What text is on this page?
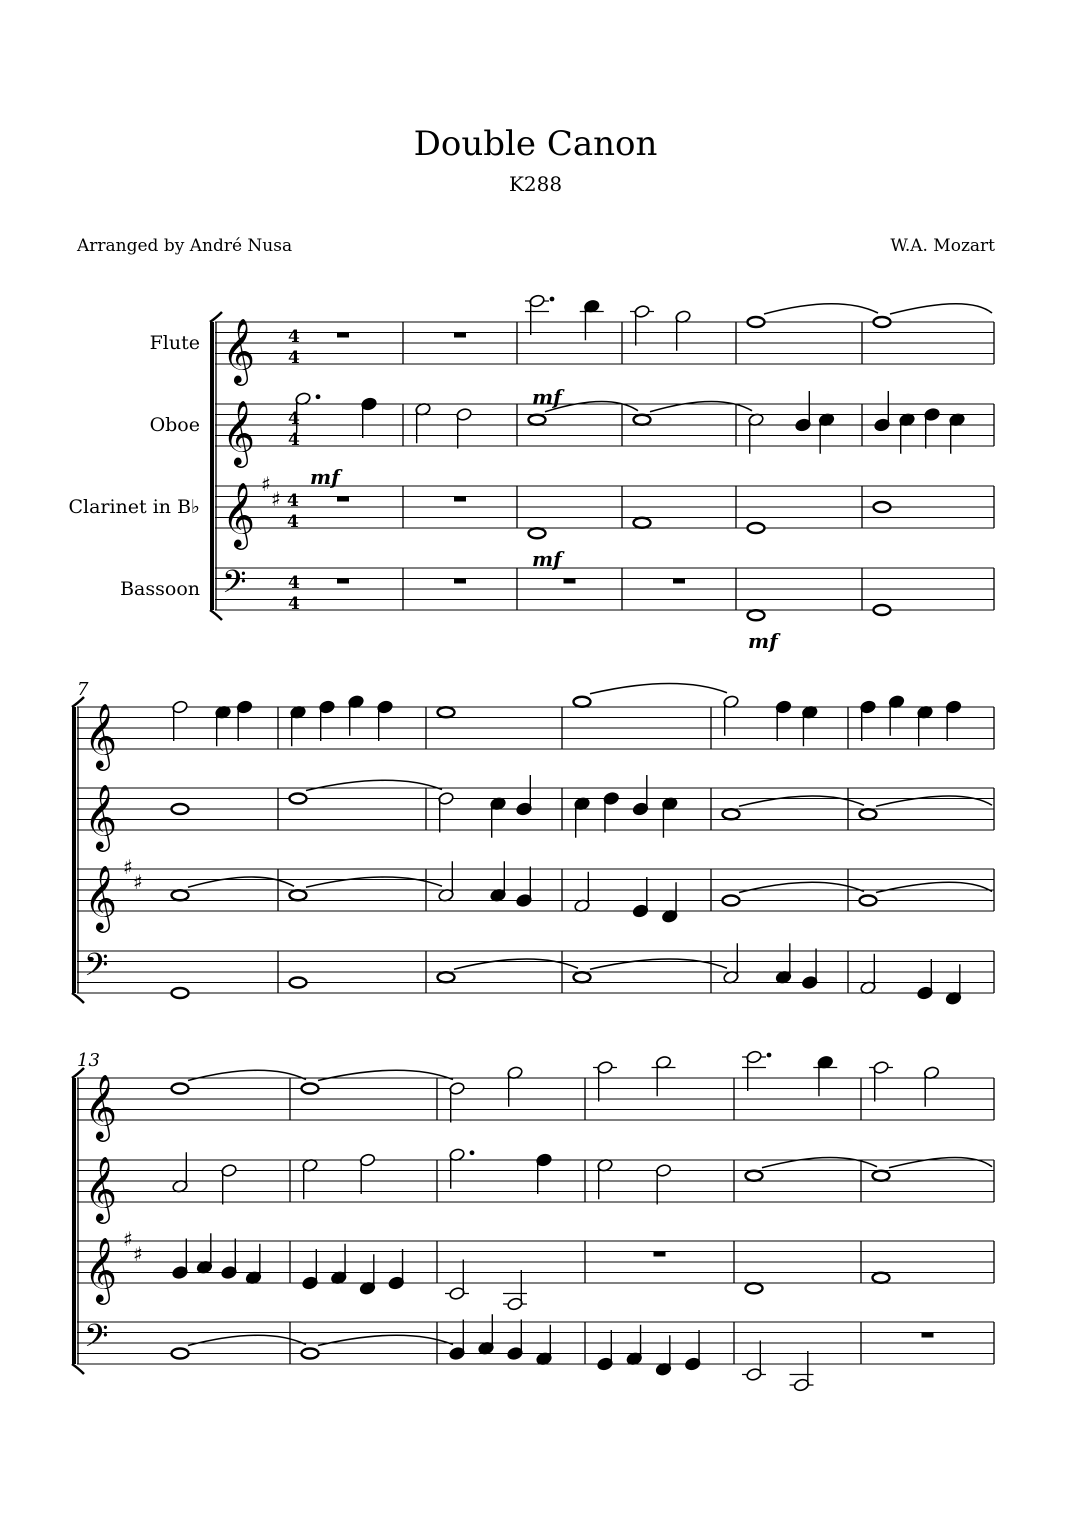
Double Canon
K288
Arranged by André Nusa	W.A. Mozart
𝄞 4
4
Flute
𝄞 4
4
Oboe
𝄞 ♯
♯ 4
4
Clarinet in B♭
𝄢 4
4
Bassoon
mf
mf
mf
mf
7
𝄞
𝄞
𝄞 ♯
♯
𝄢
13
𝄞
𝄞
𝄞 ♯
♯
𝄢
